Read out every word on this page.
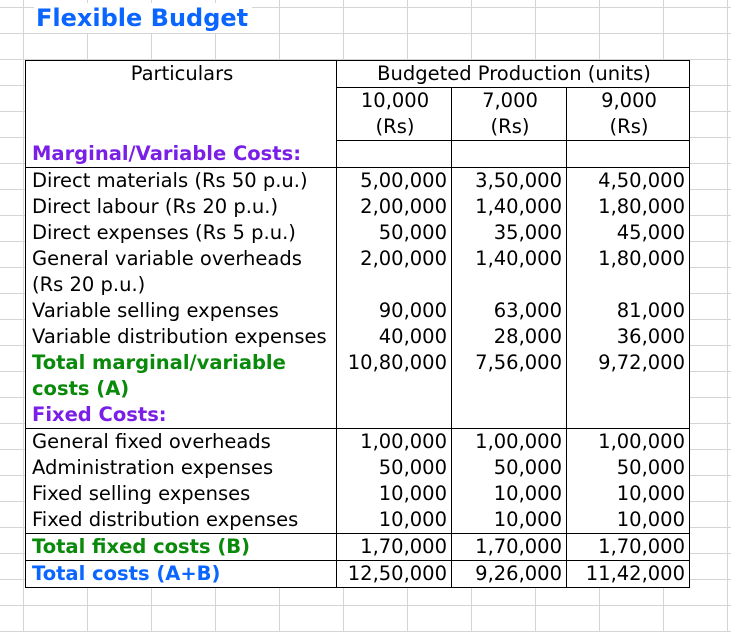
Flexible Budget
Particulars	Budgeted Production (units)		
	10,000	7,000	9,000
	(Rs)	(Rs)	(Rs)
Marginal/Variable Costs:			
Direct materials (Rs 50 p.u.)	5,00,000	3,50,000	4,50,000
Direct labour (Rs 20 p.u.)	2,00,000	1,40,000	1,80,000
Direct expenses (Rs 5 p.u.)	50,000	35,000	45,000
General variable overheads (Rs 20 p.u.)	2,00,000	1,40,000	1,80,000
Variable selling expenses	90,000	63,000	81,000
Variable distribution expenses	40,000	28,000	36,000
Total marginal/variable costs (A)	10,80,000	7,56,000	9,72,000
Fixed Costs:			
General fixed overheads	1,00,000	1,00,000	1,00,000
Administration expenses	50,000	50,000	50,000
Fixed selling expenses	10,000	10,000	10,000
Fixed distribution expenses	10,000	10,000	10,000
Total fixed costs (B)	1,70,000	1,70,000	1,70,000
Total costs (A+B)	12,50,000	9,26,000	11,42,000
